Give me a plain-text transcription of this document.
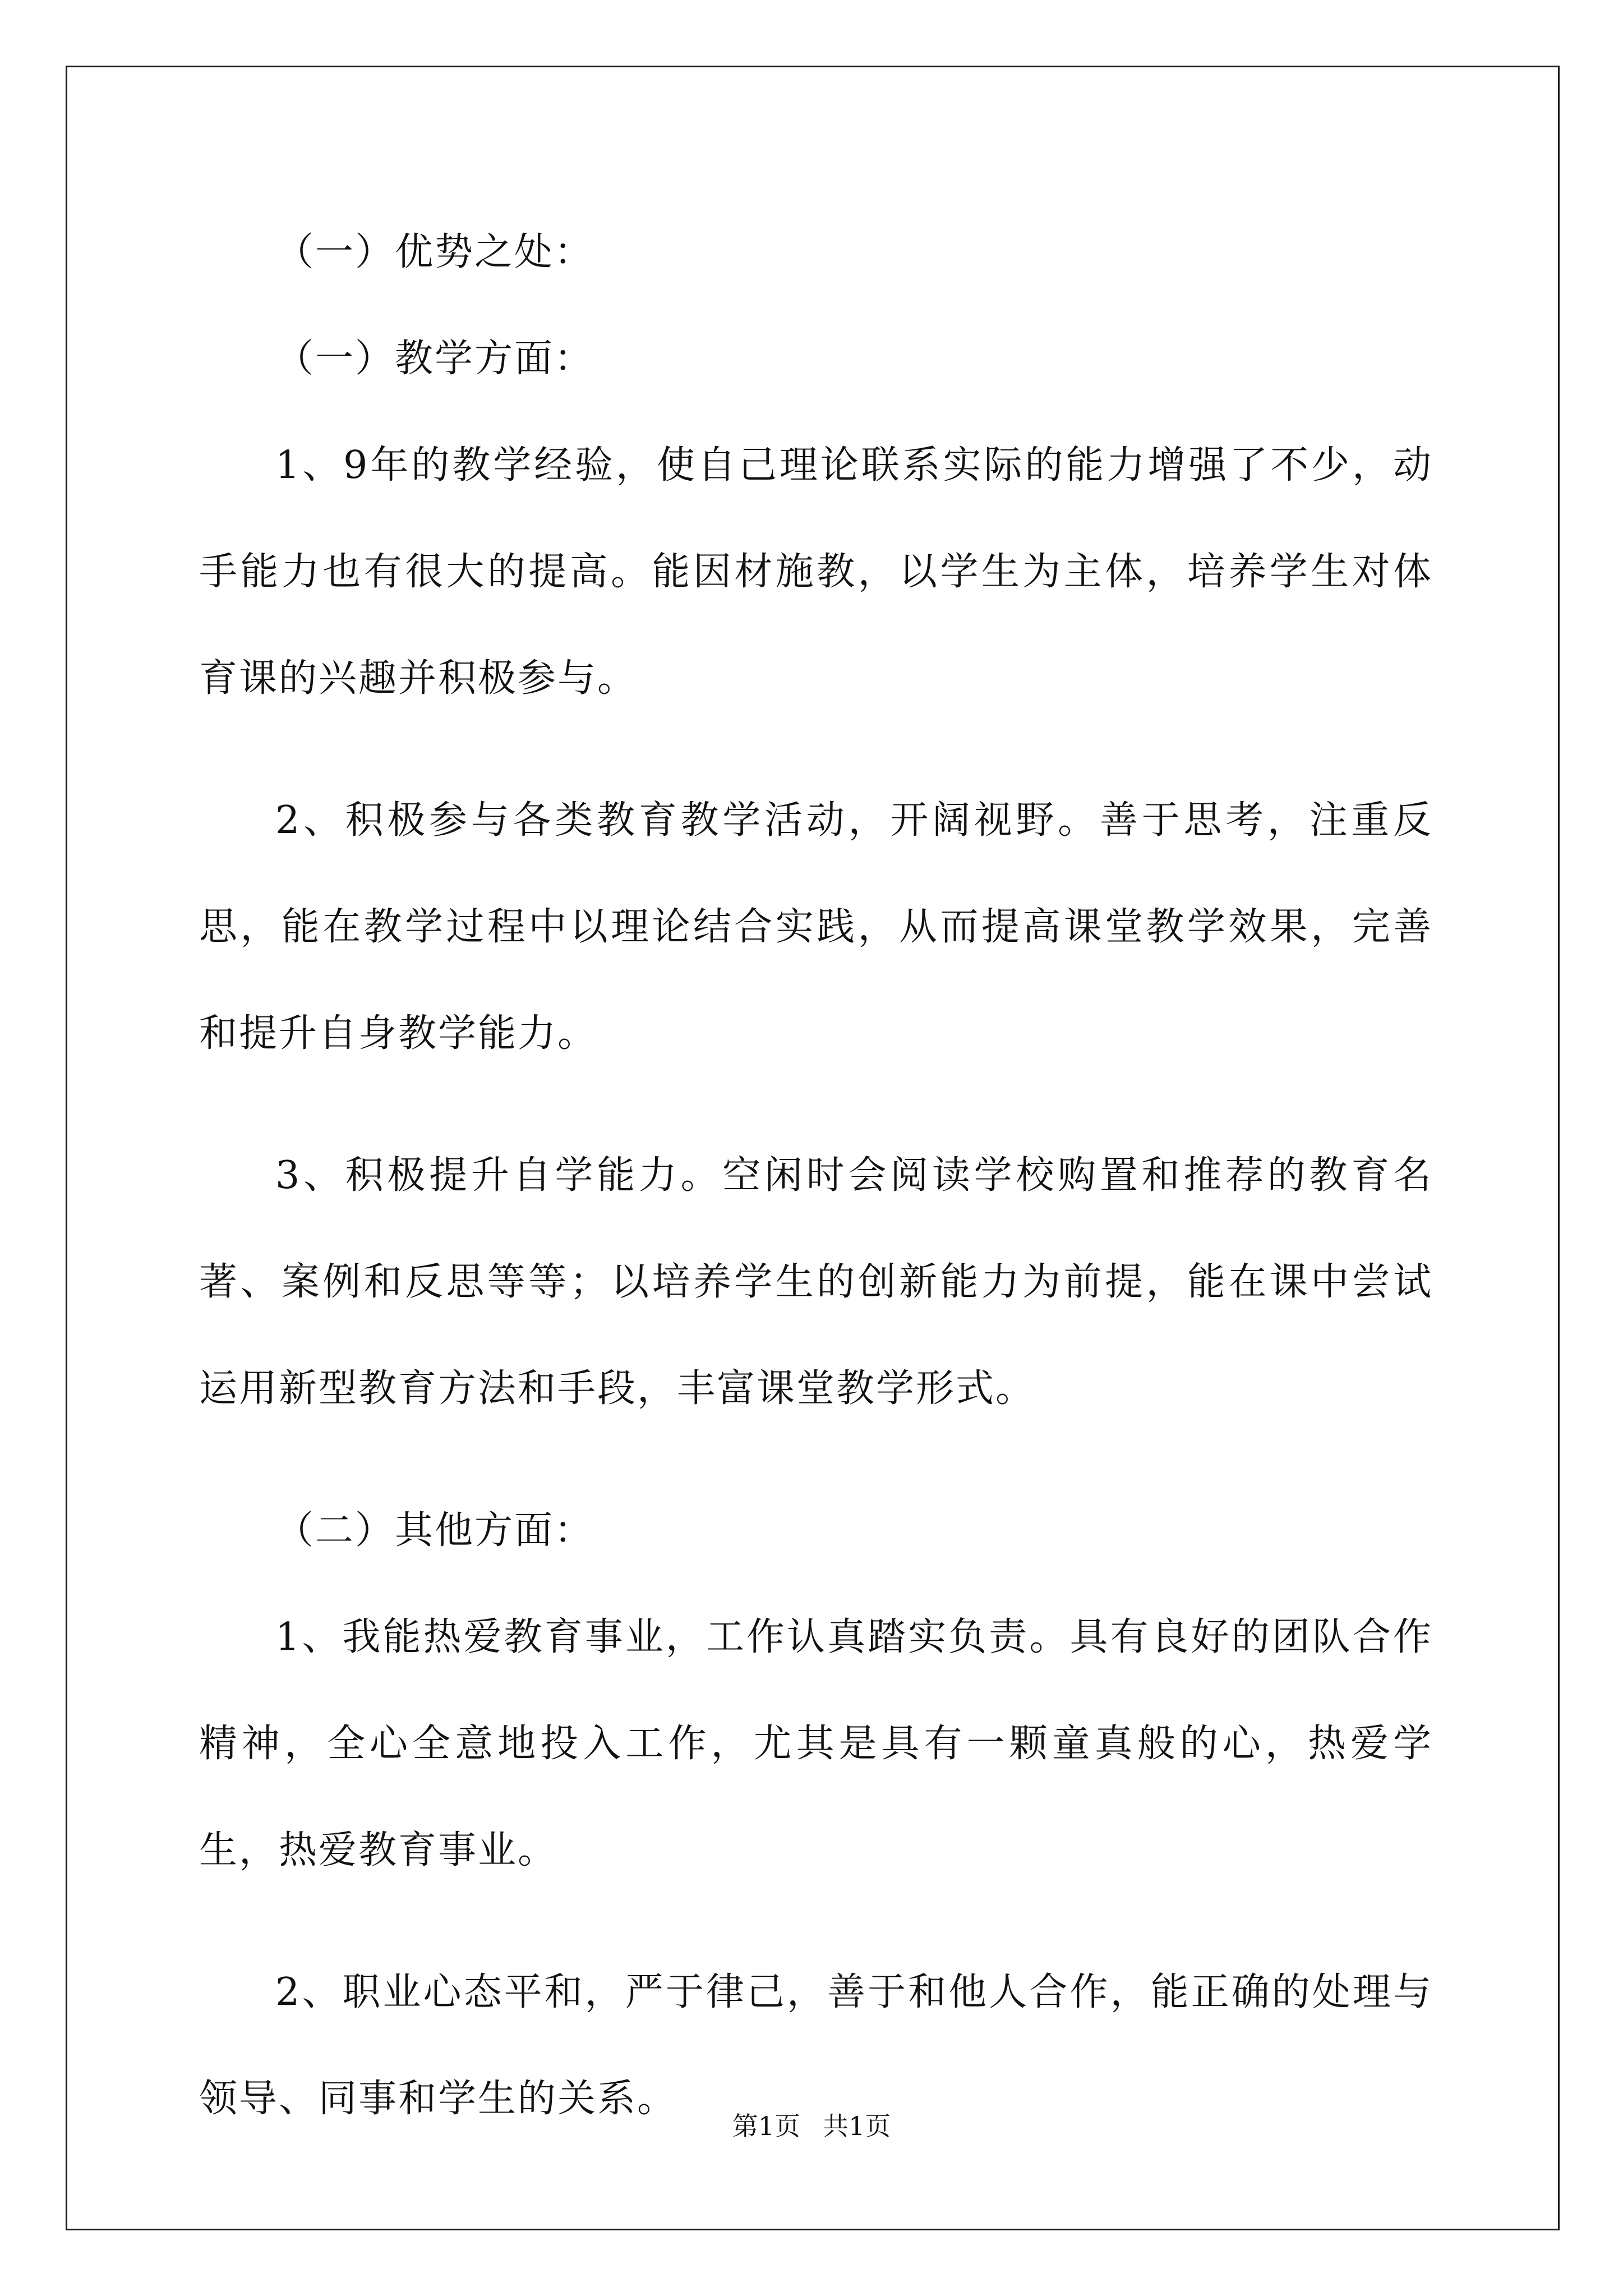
（一）优势之处：

（一）教学方面：

1、9年的教学经验，使自己理论联系实际的能力增强了不少，动手能力也有很大的提高。能因材施教，以学生为主体，培养学生对体育课的兴趣并积极参与。

2、积极参与各类教育教学活动，开阔视野。善于思考，注重反思，能在教学过程中以理论结合实践，从而提高课堂教学效果，完善和提升自身教学能力。

3、积极提升自学能力。空闲时会阅读学校购置和推荐的教育名著、案例和反思等等；以培养学生的创新能力为前提，能在课中尝试运用新型教育方法和手段，丰富课堂教学形式。

（二）其他方面：

1、我能热爱教育事业，工作认真踏实负责。具有良好的团队合作精神，全心全意地投入工作，尤其是具有一颗童真般的心，热爱学生，热爱教育事业。

2、职业心态平和，严于律己，善于和他人合作，能正确的处理与领导、同事和学生的关系。

第1页 共1页
